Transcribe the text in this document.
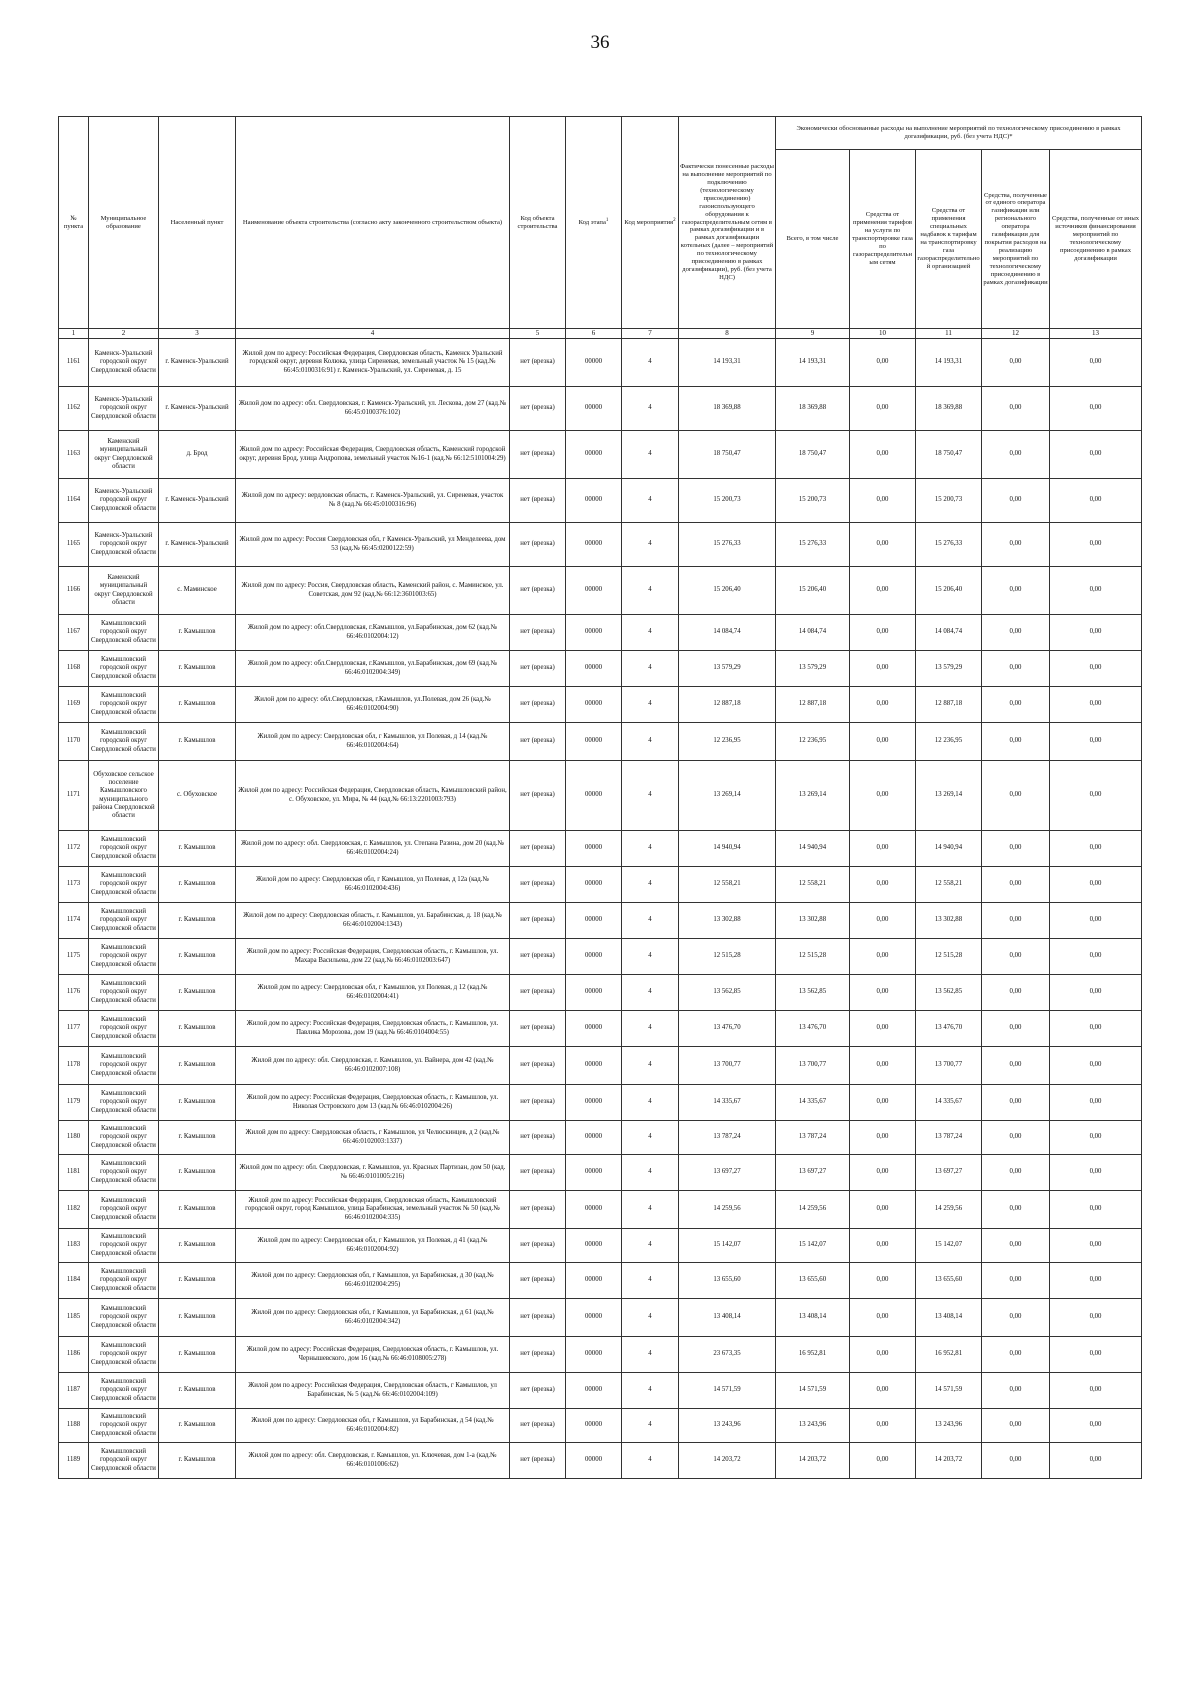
36
№ пункта	Муниципальное образование	Населенный пункт	Наименование объекта строительства (согласно акту законченного строительством объекта)	Код объекта строительства	Код этапа$^1$	Код мероприятия$^2$	Фактически понесенные расходы на выполнение мероприятий по подключению (технологическому присоединению) газоиспользующего оборудования к газораспределительным сетям в рамках догазификации и в рамках догазификации котельных (далее – мероприятий по технологическому присоединению в рамках догазификации), руб. (без учета НДС)	Экономически обоснованные расходы на выполнение мероприятий по технологическому присоединению в рамках догазификации, руб. (без учета НДС)*				
								Всего, в том числе	Средства от применения тарифов на услуги по транспортировке газа по газораспределительным сетям	Средства от применения специальных надбавок к тарифам на транспортировку газа газораспределительной организацией	Средства, полученные от единого оператора газификации или регионального оператора газификации для покрытия расходов на реализацию мероприятий по технологическому присоединению в рамках догазификации	Средства, полученные от иных источников финансирования мероприятий по технологическому присоединению в рамках догазификации
1	2	3	4	5	6	7	8	9	10	11	12	13
1161	Каменск-Уральский городской округ Свердловской области	г. Каменск-Уральский	Жилой дом по адресу: Российская Федерация, Свердловская область, Каменск Уральский городской округ, деревня Колюка, улица Сиреневая, земельный участок № 15 (кад.№ 66:45:0100316:91) г. Каменск-Уральский, ул. Сиреневая, д. 15	нет (врезка)	00000	4	14 193,31	14 193,31	0,00	14 193,31	0,00	0,00
1162	Каменск-Уральский городской округ Свердловской области	г. Каменск-Уральский	Жилой дом по адресу: обл. Свердловская, г. Каменск-Уральский, ул. Лескова, дом 27 (кад.№ 66:45:0100376:102)	нет (врезка)	00000	4	18 369,88	18 369,88	0,00	18 369,88	0,00	0,00
1163	Каменский муниципальный округ Свердловской области	д. Брод	Жилой дом по адресу: Российская Федерация, Свердловская область, Каменский городской округ, деревня Брод, улица Андропова, земельный участок №16-1 (кад.№ 66:12:5101004:29)	нет (врезка)	00000	4	18 750,47	18 750,47	0,00	18 750,47	0,00	0,00
1164	Каменск-Уральский городской округ Свердловской области	г. Каменск-Уральский	Жилой дом по адресу: вердловская область, г. Каменск-Уральский, ул. Сиреневая, участок № 8 (кад.№ 66:45:0100316:96)	нет (врезка)	00000	4	15 200,73	15 200,73	0,00	15 200,73	0,00	0,00
1165	Каменск-Уральский городской округ Свердловской области	г. Каменск-Уральский	Жилой дом по адресу: Россия Свердловская обл, г Каменск-Уральский, ул Менделеева, дом 53 (кад.№ 66:45:0200122:59)	нет (врезка)	00000	4	15 276,33	15 276,33	0,00	15 276,33	0,00	0,00
1166	Каменский муниципальный округ Свердловской области	с. Маминское	Жилой дом по адресу: Россия, Свердловская область, Каменский район, с. Маминское, ул. Советская, дом 92 (кад.№ 66:12:3601003:65)	нет (врезка)	00000	4	15 206,40	15 206,40	0,00	15 206,40	0,00	0,00
1167	Камышловский городской округ Свердловской области	г. Камышлов	Жилой дом по адресу: обл.Свердловская, г.Камышлов, ул.Барабинская, дом 62 (кад.№ 66:46:0102004:12)	нет (врезка)	00000	4	14 084,74	14 084,74	0,00	14 084,74	0,00	0,00
1168	Камышловский городской округ Свердловской области	г. Камышлов	Жилой дом по адресу: обл.Свердловская, г.Камышлов, ул.Барабинская, дом 69 (кад.№ 66:46:0102004:349)	нет (врезка)	00000	4	13 579,29	13 579,29	0,00	13 579,29	0,00	0,00
1169	Камышловский городской округ Свердловской области	г. Камышлов	Жилой дом по адресу: обл.Свердловская, г.Камышлов, ул.Полевая, дом 26 (кад.№ 66:46:0102004:90)	нет (врезка)	00000	4	12 887,18	12 887,18	0,00	12 887,18	0,00	0,00
1170	Камышловский городской округ Свердловской области	г. Камышлов	Жилой дом по адресу: Свердловская обл, г Камышлов, ул Полевая, д 14 (кад.№ 66:46:0102004:64)	нет (врезка)	00000	4	12 236,95	12 236,95	0,00	12 236,95	0,00	0,00
1171	Обуховское сельское поселение Камышловского муниципального района Свердловской области	с. Обуховское	Жилой дом по адресу: Российская Федерация, Свердловская область, Камышловский район, с. Обуховское, ул. Мира, № 44 (кад.№ 66:13:2201003:793)	нет (врезка)	00000	4	13 269,14	13 269,14	0,00	13 269,14	0,00	0,00
1172	Камышловский городской округ Свердловской области	г. Камышлов	Жилой дом по адресу: обл. Свердловская, г. Камышлов, ул. Степана Разина, дом 20 (кад.№ 66:46:0102004:24)	нет (врезка)	00000	4	14 940,94	14 940,94	0,00	14 940,94	0,00	0,00
1173	Камышловский городской округ Свердловской области	г. Камышлов	Жилой дом по адресу: Свердловская обл, г Камышлов, ул Полевая, д 12а (кад.№ 66:46:0102004:436)	нет (врезка)	00000	4	12 558,21	12 558,21	0,00	12 558,21	0,00	0,00
1174	Камышловский городской округ Свердловской области	г. Камышлов	Жилой дом по адресу: Свердловская область, г. Камышлов, ул. Барабинская, д. 18 (кад.№ 66:46:0102004:1343)	нет (врезка)	00000	4	13 302,88	13 302,88	0,00	13 302,88	0,00	0,00
1175	Камышловский городской округ Свердловской области	г. Камышлов	Жилой дом по адресу: Российская Федерация, Свердловская область, г. Камышлов, ул. Махара Васильева, дом 22 (кад.№ 66:46:0102003:647)	нет (врезка)	00000	4	12 515,28	12 515,28	0,00	12 515,28	0,00	0,00
1176	Камышловский городской округ Свердловской области	г. Камышлов	Жилой дом по адресу: Свердловская обл, г Камышлов, ул Полевая, д 12 (кад.№ 66:46:0102004:41)	нет (врезка)	00000	4	13 562,85	13 562,85	0,00	13 562,85	0,00	0,00
1177	Камышловский городской округ Свердловской области	г. Камышлов	Жилой дом по адресу: Российская Федерация, Свердловская область, г. Камышлов, ул. Павлика Морозова, дом 19 (кад.№ 66:46:0104004:55)	нет (врезка)	00000	4	13 476,70	13 476,70	0,00	13 476,70	0,00	0,00
1178	Камышловский городской округ Свердловской области	г. Камышлов	Жилой дом по адресу: обл. Свердловская, г. Камышлов, ул. Вайнера, дом 42 (кад.№ 66:46:0102007:108)	нет (врезка)	00000	4	13 700,77	13 700,77	0,00	13 700,77	0,00	0,00
1179	Камышловский городской округ Свердловской области	г. Камышлов	Жилой дом по адресу: Российская Федерация, Свердловская область, г. Камышлов, ул. Николая Островского дом 13 (кад.№ 66:46:0102004:26)	нет (врезка)	00000	4	14 335,67	14 335,67	0,00	14 335,67	0,00	0,00
1180	Камышловский городской округ Свердловской области	г. Камышлов	Жилой дом по адресу: Свердловская область, г Камышлов, ул Челюскинцев, д 2 (кад.№ 66:46:0102003:1337)	нет (врезка)	00000	4	13 787,24	13 787,24	0,00	13 787,24	0,00	0,00
1181	Камышловский городской округ Свердловской области	г. Камышлов	Жилой дом по адресу: обл. Свердловская, г. Камышлов, ул. Красных Партизан, дом 50 (кад.№ 66:46:0101005:216)	нет (врезка)	00000	4	13 697,27	13 697,27	0,00	13 697,27	0,00	0,00
1182	Камышловский городской округ Свердловской области	г. Камышлов	Жилой дом по адресу: Российская Федерация, Свердловская область, Камышловский городской округ, город Камышлов, улица Барабинская, земельный участок № 50 (кад.№ 66:46:0102004:335)	нет (врезка)	00000	4	14 259,56	14 259,56	0,00	14 259,56	0,00	0,00
1183	Камышловский городской округ Свердловской области	г. Камышлов	Жилой дом по адресу: Свердловская обл, г Камышлов, ул Полевая, д 41 (кад.№ 66:46:0102004:92)	нет (врезка)	00000	4	15 142,07	15 142,07	0,00	15 142,07	0,00	0,00
1184	Камышловский городской округ Свердловской области	г. Камышлов	Жилой дом по адресу: Свердловская обл, г Камышлов, ул Барабинская, д 30 (кад.№ 66:46:0102004:295)	нет (врезка)	00000	4	13 655,60	13 655,60	0,00	13 655,60	0,00	0,00
1185	Камышловский городской округ Свердловской области	г. Камышлов	Жилой дом по адресу: Свердловская обл, г Камышлов, ул Барабинская, д 61 (кад.№ 66:46:0102004:342)	нет (врезка)	00000	4	13 408,14	13 408,14	0,00	13 408,14	0,00	0,00
1186	Камышловский городской округ Свердловской области	г. Камышлов	Жилой дом по адресу: Российская Федерация, Свердловская область, г. Камышлов, ул. Чернышевского, дом 16 (кад.№ 66:46:0108005:278)	нет (врезка)	00000	4	23 673,35	16 952,81	0,00	16 952,81	0,00	0,00
1187	Камышловский городской округ Свердловской области	г. Камышлов	Жилой дом по адресу: Российская Федерация, Свердловская область, г Камышлов, ул Барабинская, № 5 (кад.№ 66:46:0102004:109)	нет (врезка)	00000	4	14 571,59	14 571,59	0,00	14 571,59	0,00	0,00
1188	Камышловский городской округ Свердловской области	г. Камышлов	Жилой дом по адресу: Свердловская обл, г Камышлов, ул Барабинская, д 54 (кад.№ 66:46:0102004:82)	нет (врезка)	00000	4	13 243,96	13 243,96	0,00	13 243,96	0,00	0,00
1189	Камышловский городской округ Свердловской области	г. Камышлов	Жилой дом по адресу: обл. Свердловская, г. Камышлов, ул. Ключевая, дом 1-а (кад.№ 66:46:0101006:62)	нет (врезка)	00000	4	14 203,72	14 203,72	0,00	14 203,72	0,00	0,00
